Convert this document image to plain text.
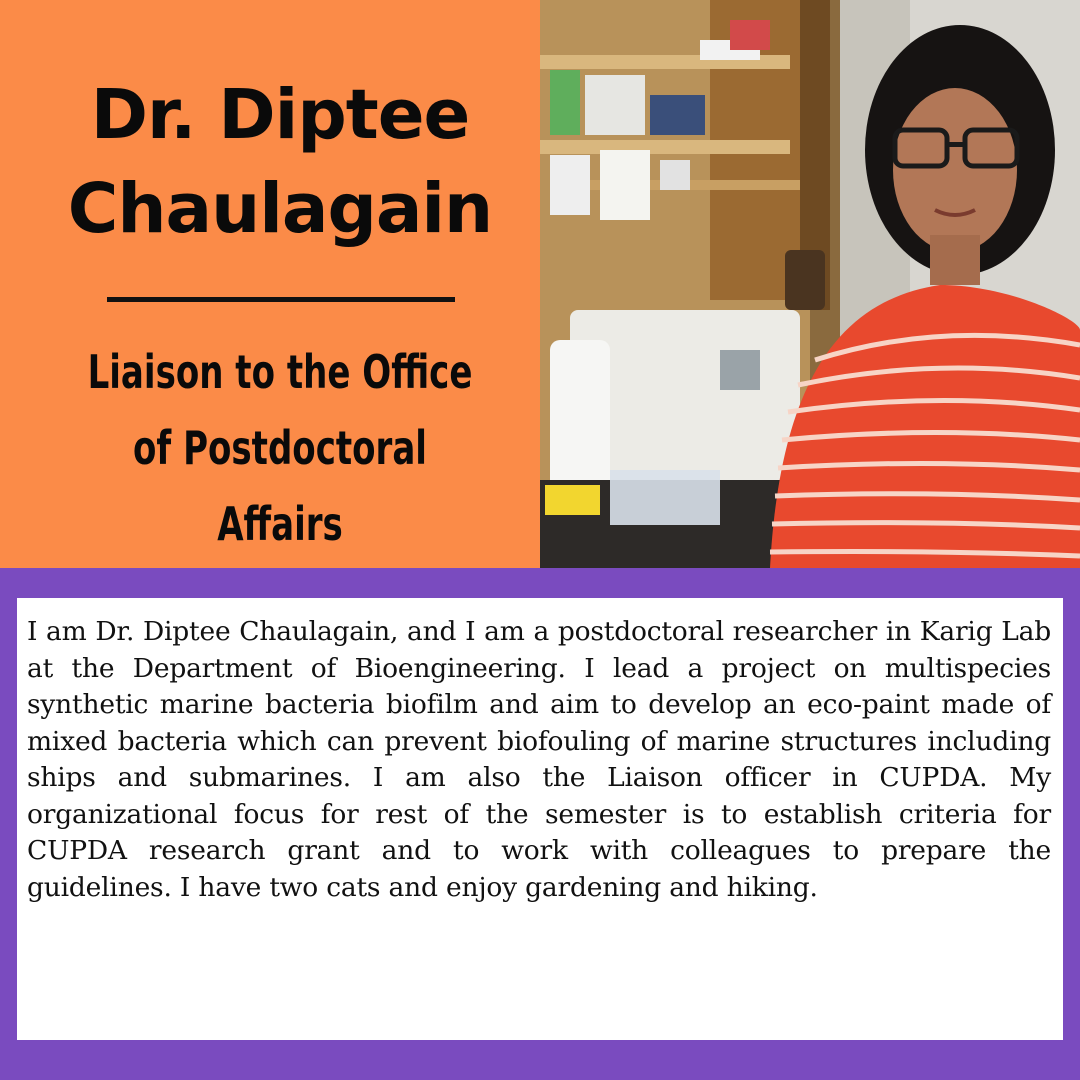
Dr. Diptee Chaulagain
Liaison to the Office of Postdoctoral Affairs

I am Dr. Diptee Chaulagain, and I am a postdoctoral researcher in Karig Lab at the Department of Bioengineering. I lead a project on multispecies synthetic marine bacteria biofilm and aim to develop an eco-paint made of mixed bacteria which can prevent biofouling of marine structures including ships and submarines. I am also the Liaison officer in CUPDA. My organizational focus for rest of the semester is to establish criteria for CUPDA research grant and to work with colleagues to prepare the guidelines. I have two cats and enjoy gardening and hiking.
